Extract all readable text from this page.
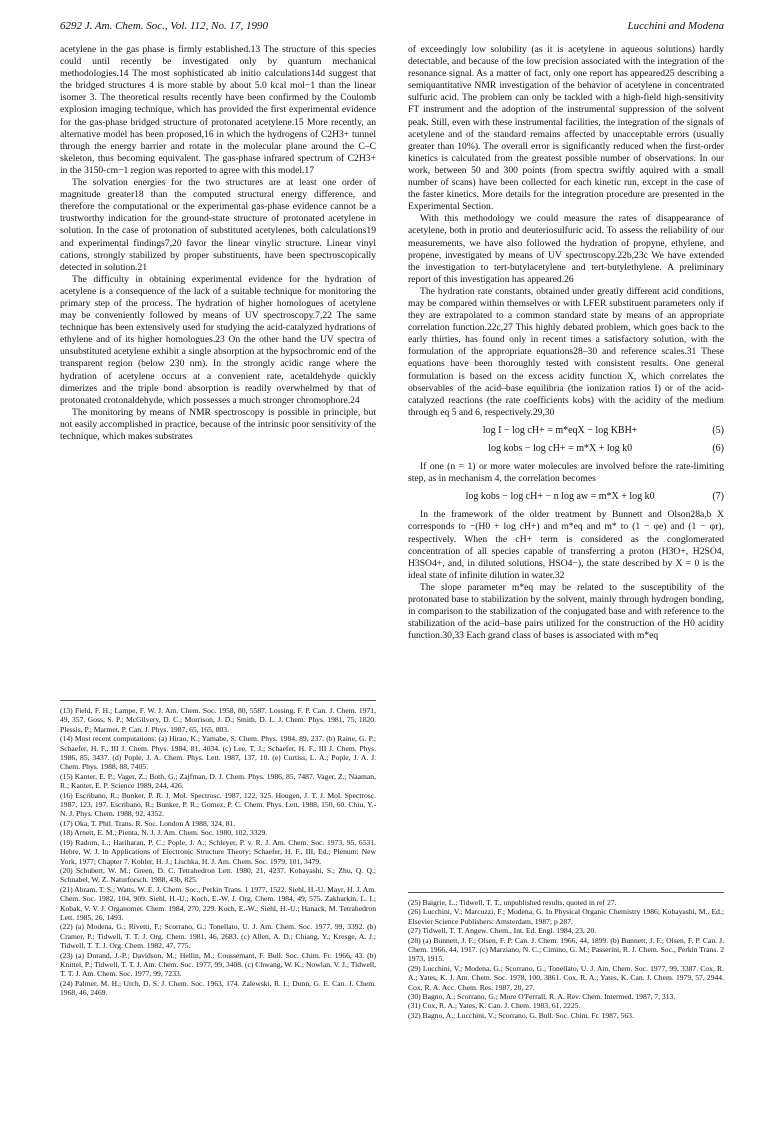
6292 J. Am. Chem. Soc., Vol. 112, No. 17, 1990	Lucchini and Modena

acetylene in the gas phase is firmly established.13 The structure of this species could until recently be investigated only by quantum mechanical methodologies.14 The most sophisticated ab initio calculations14d suggest that the bridged structures 4 is more stable by about 5.0 kcal mol−1 than the linear isomer 3. The theoretical results recently have been confirmed by the Coulomb explosion imaging technique, which has provided the first experimental evidence for the gas-phase bridged structure of protonated acetylene.15 More recently, an alternative model has been proposed,16 in which the hydrogens of C2H3+ tunnel through the energy barrier and rotate in the molecular plane around the C–C skeleton, thus becoming equivalent. The gas-phase infrared spectrum of C2H3+ in the 3150-cm−1 region was reported to agree with this model.17

The solvation energies for the two structures are at least one order of magnitude greater18 than the computed structural energy difference, and therefore the computational or the experimental gas-phase evidence cannot be a trustworthy indication for the ground-state structure of protonated acetylene in solution. In the case of protonation of substituted acetylenes, both calculations19 and experimental findings7,20 favor the linear vinylic structure. Linear vinyl cations, strongly stabilized by proper substituents, have been spectroscopically detected in solution.21

The difficulty in obtaining experimental evidence for the hydration of acetylene is a consequence of the lack of a suitable technique for monitoring the primary step of the process. The hydration of higher homologues of acetylene may be conveniently followed by means of UV spectroscopy.7,22 The same technique has been extensively used for studying the acid-catalyzed hydrations of ethylene and of its higher homologues.23 On the other hand the UV spectra of unsubstituted acetylene exhibit a single absorption at the hypsochromic end of the transparent region (below 230 nm). In the strongly acidic range where the hydration of acetylene occurs at a convenient rate, acetaldehyde quickly dimerizes and the triple bond absorption is readily overwhelmed by that of protonated crotonaldehyde, which possesses a much stronger chromophore.24

The monitoring by means of NMR spectroscopy is possible in principle, but not easily accomplished in practice, because of the intrinsic poor sensitivity of the technique, which makes substrates

(13) Field, F. H.; Lampe, F. W. J. Am. Chem. Soc. 1958, 80, 5587. Lossing, F. P. Can. J. Chem. 1971, 49, 357. Goss, S. P.; McGilvery, D. C.; Morrison, J. D.; Smith, D. L. J. Chem. Phys. 1981, 75, 1820. Plessis, P.; Marmet, P. Can. J. Phys. 1987, 65, 165, 803.
(14) Most recent computations: (a) Hirao, K.; Yamabe, S. Chem. Phys. 1984, 89, 237. (b) Raine, G. P.; Schaefer, H. F., III J. Chem. Phys. 1984, 81, 4034. (c) Lee, T. J.; Schaefer, H. F., III J. Chem. Phys. 1986, 85, 3437. (d) Pople, J. A. Chem. Phys. Lett. 1987, 137, 10. (e) Curtiss, L. A.; Pople, J. A. J. Chem. Phys. 1988, 88, 7405.
(15) Kanter, E. P.; Vager, Z.; Both, G.; Zajfman, D. J. Chem. Phys. 1986, 85, 7487. Vager, Z.; Naaman, R.; Kanter, E. P. Science 1989, 244, 426.
(16) Escribano, R.; Bunker, P. R. J. Mol. Spectrosc. 1987, 122, 325. Hougen, J. T. J. Mol. Spectrosc. 1987, 123, 197. Escribano, R.; Bunker, P. R.; Gomez, P. C. Chem. Phys. Lett. 1988, 150, 60. Chiu, Y.-N. J. Phys. Chem. 1988, 92, 4352.
(17) Oka, T. Phil. Trans. R. Soc. London A 1988, 324, 81.
(18) Arnett, E. M.; Pienta, N. J. J. Am. Chem. Soc. 1980, 102, 3329.
(19) Radom, L.; Hariharan, P. C.; Pople, J. A.; Schleyer, P. v. R. J. Am. Chem. Soc. 1973, 95, 6531. Hehre, W. J. In Applications of Electronic Structure Theory; Schaefer, H. F., III, Ed.; Plenum: New York, 1977; Chapter 7. Kohler, H. J.; Lischka, H. J. Am. Chem. Soc. 1979, 101, 3479.
(20) Schubert, W. M.; Green, D. C. Tetrahedron Lett. 1980, 21, 4237. Kobayashi, S.; Zhu, Q. Q.; Schnabel, W. Z. Naturforsch. 1988, 43b, 825.
(21) Abram, T. S.; Watts, W. E. J. Chem. Soc., Perkin Trans. 1 1977, 1522. Siehl, H.-U. Mayr, H. J. Am. Chem. Soc. 1982, 104, 909. Siehl, H.-U.; Koch, E.-W. J. Org. Chem. 1984, 49, 575. Zakharkin, L. I.; Kobak, V. V. J. Organomet. Chem. 1984, 270, 229. Koch, E.-W.; Siehl, H.-U.; Hanack, M. Tetrahedron Lett. 1985, 26, 1493.
(22) (a) Modena, G.; Rivetti, F.; Scorrano, G.; Tonellato, U. J. Am. Chem. Soc. 1977, 99, 3392. (b) Cramer, P.; Tidwell, T. T. J. Org. Chem. 1981, 46, 2683. (c) Allen, A. D.; Chiang, Y.; Kresge, A. J.; Tidwell, T. T. J. Org. Chem. 1982, 47, 775.
(23) (a) Durand, J.-P.; Davidson, M.; Hellin, M.; Coussemant, F. Bull. Soc. Chim. Fr. 1966, 43. (b) Knittel, P.; Tidwell, T. T. J. Am. Chem. Soc. 1977, 99, 3408. (c) Chwang, W. K.; Nowlan, V. J.; Tidwell, T. T. J. Am. Chem. Soc. 1977, 99, 7233.
(24) Palmer, M. H.; Urch, D. S. J. Chem. Soc. 1963, 174. Zalewski, R. I.; Dunn, G. E. Can. J. Chem. 1968, 46, 2469.

of exceedingly low solubility (as it is acetylene in aqueous solutions) hardly detectable, and because of the low precision associated with the integration of the resonance signal. As a matter of fact, only one report has appeared25 describing a semiquantitative NMR investigation of the behavior of acetylene in concentrated sulfuric acid. The problem can only be tackled with a high-field high-sensitivity FT instrument and the adoption of the instrumental suppression of the solvent peak. Still, even with these instrumental facilities, the integration of the signals of acetylene and of the standard remains affected by unacceptable errors (usually greater than 10%). The overall error is significantly reduced when the first-order kinetics is calculated from the greatest possible number of observations. In our work, between 50 and 300 points (from spectra swiftly aquired with a small number of scans) have been collected for each kinetic run, except in the case of the faster kinetics. More details for the integration procedure are presented in the Experimental Section.

With this methodology we could measure the rates of disappearance of acetylene, both in protio and deuteriosulfuric acid. To assess the reliability of our measurements, we have also followed the hydration of propyne, ethylene, and propene, investigated by means of UV spectroscopy.22b,23c We have extended the investigation to tert-butylacetylene and tert-butylethylene. A preliminary report of this investigation has appeared.26

The hydration rate constants, obtained under greatly different acid conditions, may be compared within themselves or with LFER substituent parameters only if they are extrapolated to a common standard state by means of an appropriate correlation function.22c,27 This highly debated problem, which goes back to the early thirties, has found only in recent times a satisfactory solution, with the formulation of the appropriate equations28–30 and reference scales.31 These equations have been thoroughly tested with consistent results. One general formulation is based on the excess acidity function X, which correlates the observables of the acid–base equilibria (the ionization ratios I) or of the acid-catalyzed reactions (the rate coefficients kobs) with the acidity of the medium through eq 5 and 6, respectively.29,30

log I − log cH+ = m*eqX − log KBH+	(5)
log kobs − log cH+ = m*X + log k0	(6)

If one (n = 1) or more water molecules are involved before the rate-limiting step, as in mechanism 4, the correlation becomes

log kobs − log cH+ − n log aw = m*X + log k0	(7)

In the framework of the older treatment by Bunnett and Olson28a,b X corresponds to −(H0 + log cH+) and m*eq and m* to (1 − φe) and (1 − φr), respectively. When the cH+ term is considered as the conglomerated concentration of all species capable of transferring a proton (H3O+, H2SO4, H3SO4+, and, in diluted solutions, HSO4−), the state described by X = 0 is the ideal state of infinite dilution in water.32

The slope parameter m*eq may be related to the susceptibility of the protonated base to stabilization by the solvent, mainly through hydrogen bonding, in comparison to the stabilization of the conjugated base and with reference to the stabilization of the acid–base pairs utilized for the construction of the H0 acidity function.30,33 Each grand class of bases is associated with m*eq

(25) Baigrie, L.; Tidwell, T. T., unpublished results, quoted in ref 27.
(26) Lucchini, V.; Marcuzzi, F.; Modena, G. In Physical Organic Chemistry 1986; Kobayashi, M., Ed.; Elsevier Science Publishers: Amsterdam, 1987; p 287.
(27) Tidwell, T. T. Angew. Chem., Int. Ed. Engl. 1984, 23, 20.
(28) (a) Bunnett, J. F.; Olsen, F. P. Can. J. Chem. 1966, 44, 1899. (b) Bunnett, J. F.; Olsen, F. P. Can. J. Chem. 1966, 44, 1917. (c) Marziano, N. C.; Cimino, G. M.; Passerini, R. J. Chem. Soc., Perkin Trans. 2 1973, 1915.
(29) Lucchini, V.; Modena, G.; Scorrano, G.; Tonellato, U. J. Am. Chem. Soc. 1977, 99, 3387. Cox, R. A.; Yates, K. J. Am. Chem. Soc. 1978, 100, 3861. Cox, R. A.; Yates, K. Can. J. Chem. 1979, 57, 2944. Cox, R. A. Acc. Chem. Res. 1987, 20, 27.
(30) Bagno, A.; Scorrano, G.; More O'Ferrall, R. A. Rev. Chem. Intermed. 1987, 7, 313.
(31) Cox, R. A.; Yates, K. Can. J. Chem. 1983, 61, 2225.
(32) Bagno, A.; Lucchini, V.; Scorrano, G. Bull. Soc. Chim. Fr. 1987, 563.
